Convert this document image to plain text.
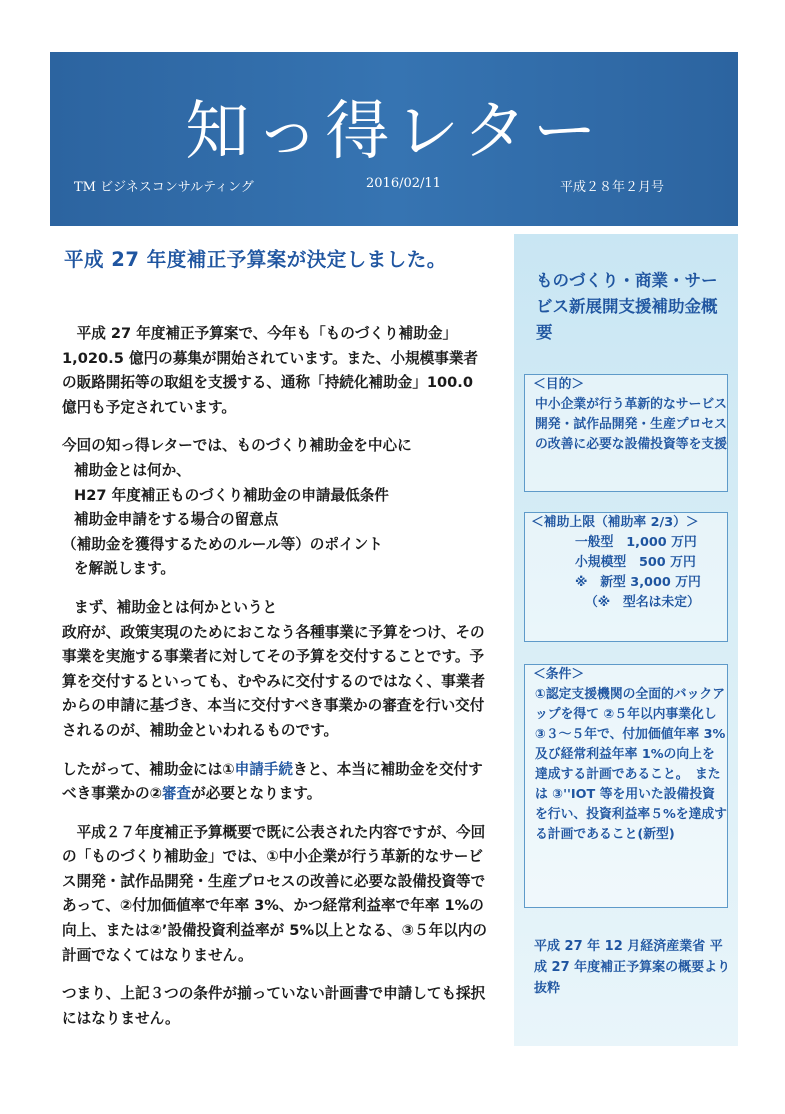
知っ得レター
TM ビジネスコンサルティング	2016/02/11	平成２８年２月号
平成 27 年度補正予算案が決定しました。

平成 27 年度補正予算案で、今年も「ものづくり補助金」1,020.5 億円の募集が開始されています。また、小規模事業者の販路開拓等の取組を支援する、通称「持続化補助金」100.0 億円も予定されています。

今回の知っ得レターでは、ものづくり補助金を中心に
補助金とは何か、
H27 年度補正ものづくり補助金の申請最低条件
補助金申請をする場合の留意点
（補助金を獲得するためのルール等）のポイント
を解説します。

まず、補助金とは何かというと
政府が、政策実現のためにおこなう各種事業に予算をつけ、その事業を実施する事業者に対してその予算を交付することです。予算を交付するといっても、むやみに交付するのではなく、事業者からの申請に基づき、本当に交付すべき事業かの審査を行い交付されるのが、補助金といわれるものです。

したがって、補助金には①申請手続きと、本当に補助金を交付すべき事業かの②審査が必要となります。

平成２７年度補正予算概要で既に公表された内容ですが、今回の「ものづくり補助金」では、①中小企業が行う革新的なサービス開発・試作品開発・生産プロセスの改善に必要な設備投資等であって、②付加価値率で年率 3%、かつ経常利益率で年率 1%の向上、または②’設備投資利益率が 5%以上となる、③５年以内の計画でなくてはなりません。

つまり、上記３つの条件が揃っていない計画書で申請しても採択にはなりません。

ものづくり・商業・サービス新展開支援補助金概要
＜目的＞
中小企業が行う革新的なサービス開発・試作品開発・生産プロセスの改善に必要な設備投資等を支援
＜補助上限（補助率 2/3）＞
一般型　1,000 万円
小規模型　500 万円
※　新型 3,000 万円
（※　型名は未定）
＜条件＞
①認定支援機関の全面的バックアップを得て ②５年以内事業化し ③３～５年で、付加価値年率 3%及び経常利益年率 1%の向上を達成する計画であること。　または ③''IOT 等を用いた設備投資を行い、投資利益率５%を達成する計画であること(新型)
平成 27 年 12 月経済産業省 平成 27 年度補正予算案の概要より抜粋
